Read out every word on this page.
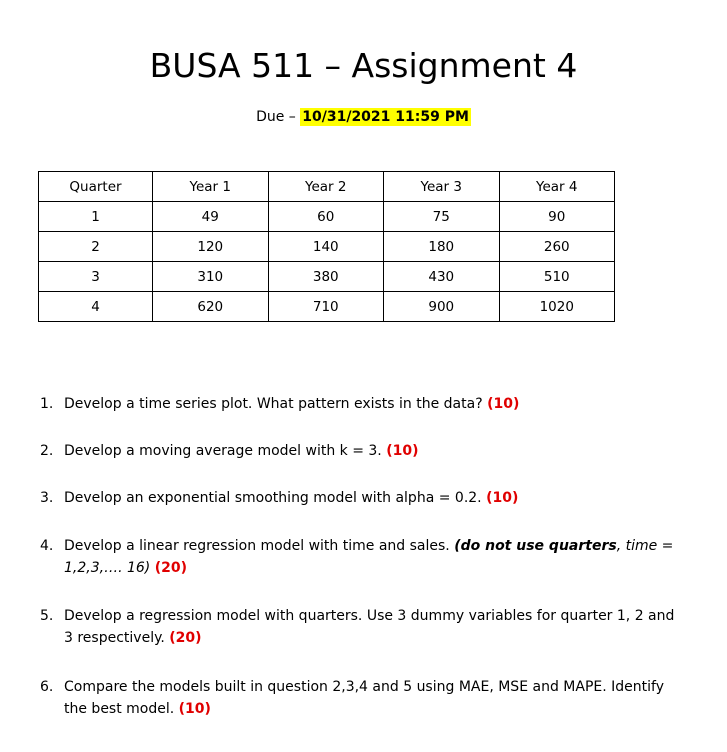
BUSA 511 – Assignment 4
Due – 10/31/2021 11:59 PM
Quarter	Year 1	Year 2	Year 3	Year 4
1	49	60	75	90
2	120	140	180	260
3	310	380	430	510
4	620	710	900	1020
1. Develop a time series plot. What pattern exists in the data? (10)
2. Develop a moving average model with k = 3. (10)
3. Develop an exponential smoothing model with alpha = 0.2. (10)
4. Develop a linear regression model with time and sales. (do not use quarters, time = 1,2,3,…. 16) (20)
5. Develop a regression model with quarters. Use 3 dummy variables for quarter 1, 2 and 3 respectively. (20)
6. Compare the models built in question 2,3,4 and 5 using MAE, MSE and MAPE. Identify the best model. (10)
